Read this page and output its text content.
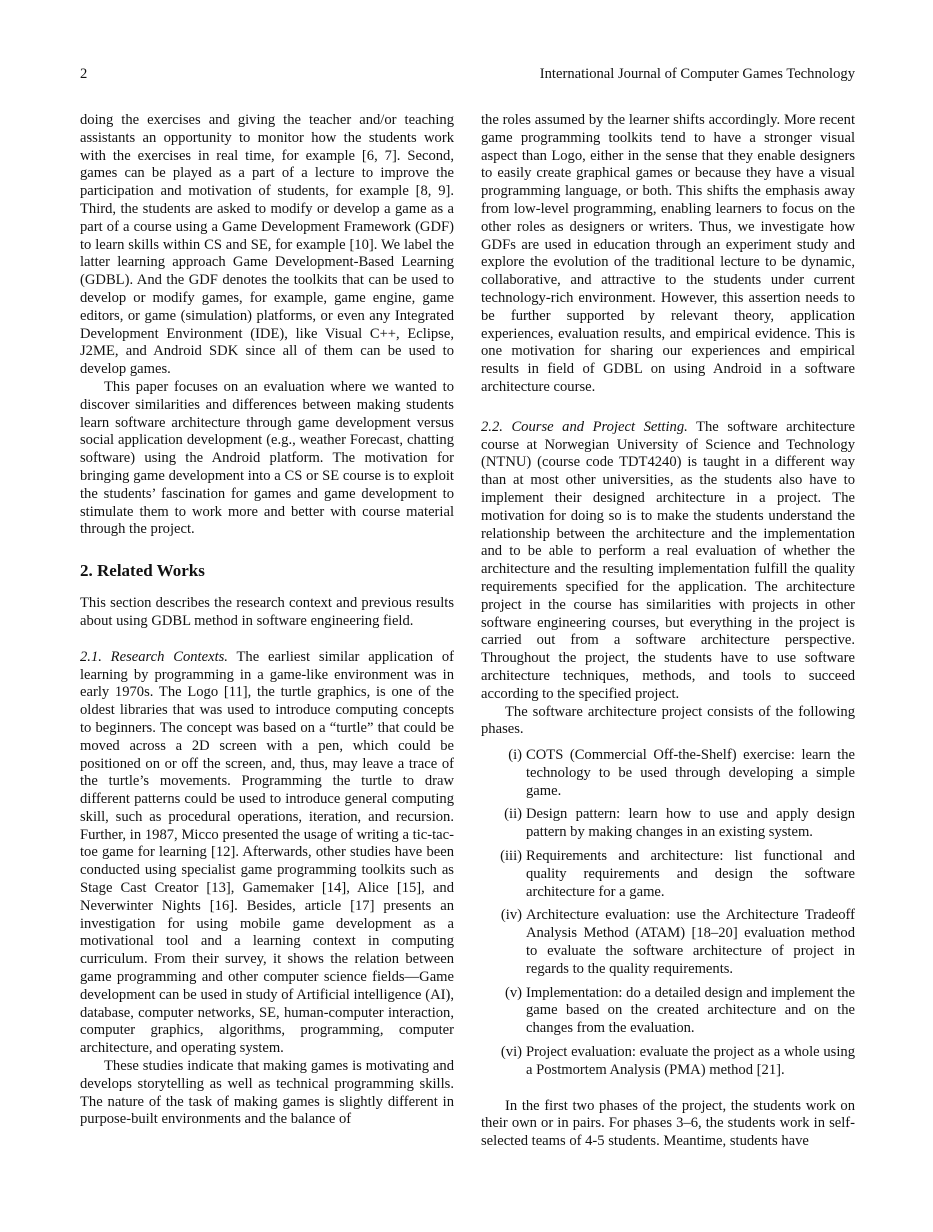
2	International Journal of Computer Games Technology

doing the exercises and giving the teacher and/or teaching assistants an opportunity to monitor how the students work with the exercises in real time, for example [6, 7]. Second, games can be played as a part of a lecture to improve the participation and motivation of students, for example [8, 9]. Third, the students are asked to modify or develop a game as a part of a course using a Game Development Framework (GDF) to learn skills within CS and SE, for example [10]. We label the latter learning approach Game Development-Based Learning (GDBL). And the GDF denotes the toolkits that can be used to develop or modify games, for example, game engine, game editors, or game (simulation) platforms, or even any Integrated Development Environment (IDE), like Visual C++, Eclipse, J2ME, and Android SDK since all of them can be used to develop games.

This paper focuses on an evaluation where we wanted to discover similarities and differences between making students learn software architecture through game development versus social application development (e.g., weather Forecast, chatting software) using the Android platform. The motivation for bringing game development into a CS or SE course is to exploit the students’ fascination for games and game development to stimulate them to work more and better with course material through the project.

2. Related Works

This section describes the research context and previous results about using GDBL method in software engineering field.

2.1. Research Contexts. The earliest similar application of learning by programming in a game-like environment was in early 1970s. The Logo [11], the turtle graphics, is one of the oldest libraries that was used to introduce computing concepts to beginners. The concept was based on a “turtle” that could be moved across a 2D screen with a pen, which could be positioned on or off the screen, and, thus, may leave a trace of the turtle’s movements. Programming the turtle to draw different patterns could be used to introduce general computing skill, such as procedural operations, iteration, and recursion. Further, in 1987, Micco presented the usage of writing a tic-tac-toe game for learning [12]. Afterwards, other studies have been conducted using specialist game programming toolkits such as Stage Cast Creator [13], Gamemaker [14], Alice [15], and Neverwinter Nights [16]. Besides, article [17] presents an investigation for using mobile game development as a motivational tool and a learning context in computing curriculum. From their survey, it shows the relation between game programming and other computer science fields—Game development can be used in study of Artificial intelligence (AI), database, computer networks, SE, human-computer interaction, computer graphics, algorithms, programming, computer architecture, and operating system.

These studies indicate that making games is motivating and develops storytelling as well as technical programming skills. The nature of the task of making games is slightly different in purpose-built environments and the balance of

the roles assumed by the learner shifts accordingly. More recent game programming toolkits tend to have a stronger visual aspect than Logo, either in the sense that they enable designers to easily create graphical games or because they have a visual programming language, or both. This shifts the emphasis away from low-level programming, enabling learners to focus on the other roles as designers or writers. Thus, we investigate how GDFs are used in education through an experiment study and explore the evolution of the traditional lecture to be dynamic, collaborative, and attractive to the students under current technology-rich environment. However, this assertion needs to be further supported by relevant theory, application experiences, evaluation results, and empirical evidence. This is one motivation for sharing our experiences and empirical results in field of GDBL on using Android in a software architecture course.

2.2. Course and Project Setting. The software architecture course at Norwegian University of Science and Technology (NTNU) (course code TDT4240) is taught in a different way than at most other universities, as the students also have to implement their designed architecture in a project. The motivation for doing so is to make the students understand the relationship between the architecture and the implementation and to be able to perform a real evaluation of whether the architecture and the resulting implementation fulfill the quality requirements specified for the application. The architecture project in the course has similarities with projects in other software engineering courses, but everything in the project is carried out from a software architecture perspective. Throughout the project, the students have to use software architecture techniques, methods, and tools to succeed according to the specified project.

The software architecture project consists of the following phases.

(i) COTS (Commercial Off-the-Shelf) exercise: learn the technology to be used through developing a simple game.
(ii) Design pattern: learn how to use and apply design pattern by making changes in an existing system.
(iii) Requirements and architecture: list functional and quality requirements and design the software architecture for a game.
(iv) Architecture evaluation: use the Architecture Tradeoff Analysis Method (ATAM) [18–20] evaluation method to evaluate the software architecture of project in regards to the quality requirements.
(v) Implementation: do a detailed design and implement the game based on the created architecture and on the changes from the evaluation.
(vi) Project evaluation: evaluate the project as a whole using a Postmortem Analysis (PMA) method [21].

In the first two phases of the project, the students work on their own or in pairs. For phases 3–6, the students work in self-selected teams of 4-5 students. Meantime, students have
